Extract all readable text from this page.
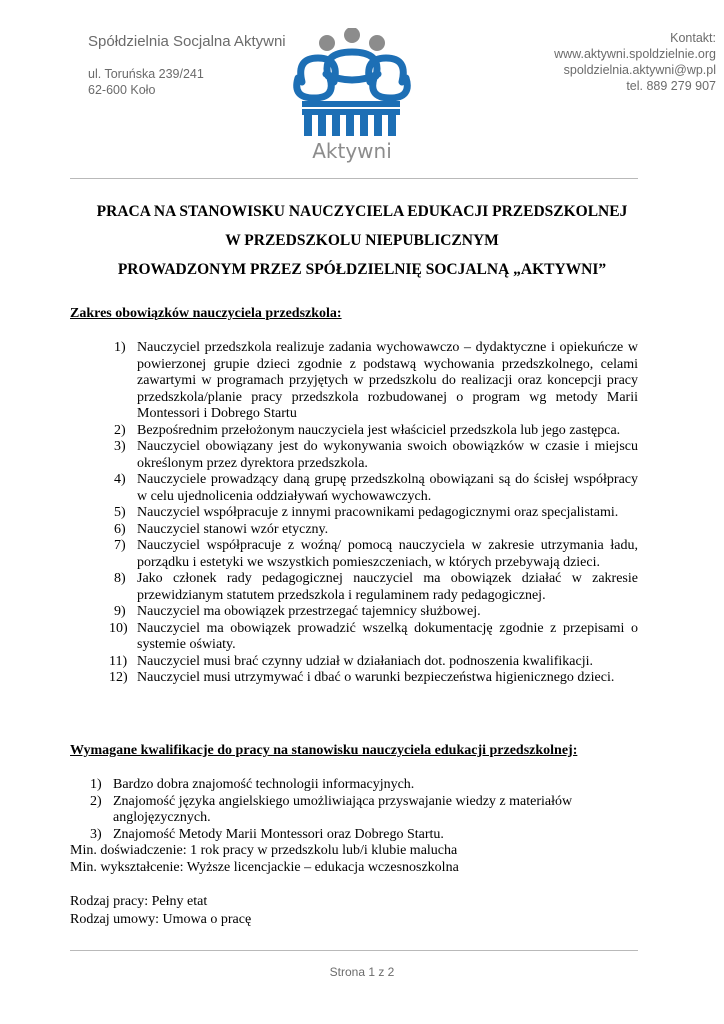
Spółdzielnia Socjalna Aktywni
ul. Toruńska 239/241
62-600 Koło
Aktywni
Kontakt:
www.aktywni.spoldzielnie.org
spoldzielnia.aktywni@wp.pl
tel. 889 279 907
PRACA NA STANOWISKU NAUCZYCIELA EDUKACJI PRZEDSZKOLNEJ
W PRZEDSZKOLU NIEPUBLICZNYM
PROWADZONYM PRZEZ SPÓŁDZIELNIĘ SOCJALNĄ „AKTYWNI”
Zakres obowiązków nauczyciela przedszkola:
1) Nauczyciel przedszkola realizuje zadania wychowawczo – dydaktyczne i opiekuńcze w powierzonej grupie dzieci zgodnie z podstawą wychowania przedszkolnego, celami zawartymi w programach przyjętych w przedszkolu do realizacji oraz koncepcji pracy przedszkola/planie pracy przedszkola rozbudowanej o program wg metody Marii Montessori i Dobrego Startu
2) Bezpośrednim przełożonym nauczyciela jest właściciel przedszkola lub jego zastępca.
3) Nauczyciel obowiązany jest do wykonywania swoich obowiązków w czasie i miejscu określonym przez dyrektora przedszkola.
4) Nauczyciele prowadzący daną grupę przedszkolną obowiązani są do ścisłej współpracy w celu ujednolicenia oddziaływań wychowawczych.
5) Nauczyciel współpracuje z innymi pracownikami pedagogicznymi oraz specjalistami.
6) Nauczyciel stanowi wzór etyczny.
7) Nauczyciel współpracuje z woźną/ pomocą nauczyciela w zakresie utrzymania ładu, porządku i estetyki we wszystkich pomieszczeniach, w których przebywają dzieci.
8) Jako członek rady pedagogicznej nauczyciel ma obowiązek działać w zakresie przewidzianym statutem przedszkola i regulaminem rady pedagogicznej.
9) Nauczyciel ma obowiązek przestrzegać tajemnicy służbowej.
10) Nauczyciel ma obowiązek prowadzić wszelką dokumentację zgodnie z przepisami o systemie oświaty.
11) Nauczyciel musi brać czynny udział w działaniach dot. podnoszenia kwalifikacji.
12) Nauczyciel musi utrzymywać i dbać o warunki bezpieczeństwa higienicznego dzieci.
Wymagane kwalifikacje do pracy na stanowisku nauczyciela edukacji przedszkolnej:
1) Bardzo dobra znajomość technologii informacyjnych.
2) Znajomość języka angielskiego umożliwiająca przyswajanie wiedzy z materiałów anglojęzycznych.
3) Znajomość Metody Marii Montessori oraz Dobrego Startu.
Min. doświadczenie: 1 rok pracy w przedszkolu lub/i klubie malucha
Min. wykształcenie: Wyższe licencjackie – edukacja wczesnoszkolna
Rodzaj pracy: Pełny etat
Rodzaj umowy: Umowa o pracę
Strona 1 z 2
